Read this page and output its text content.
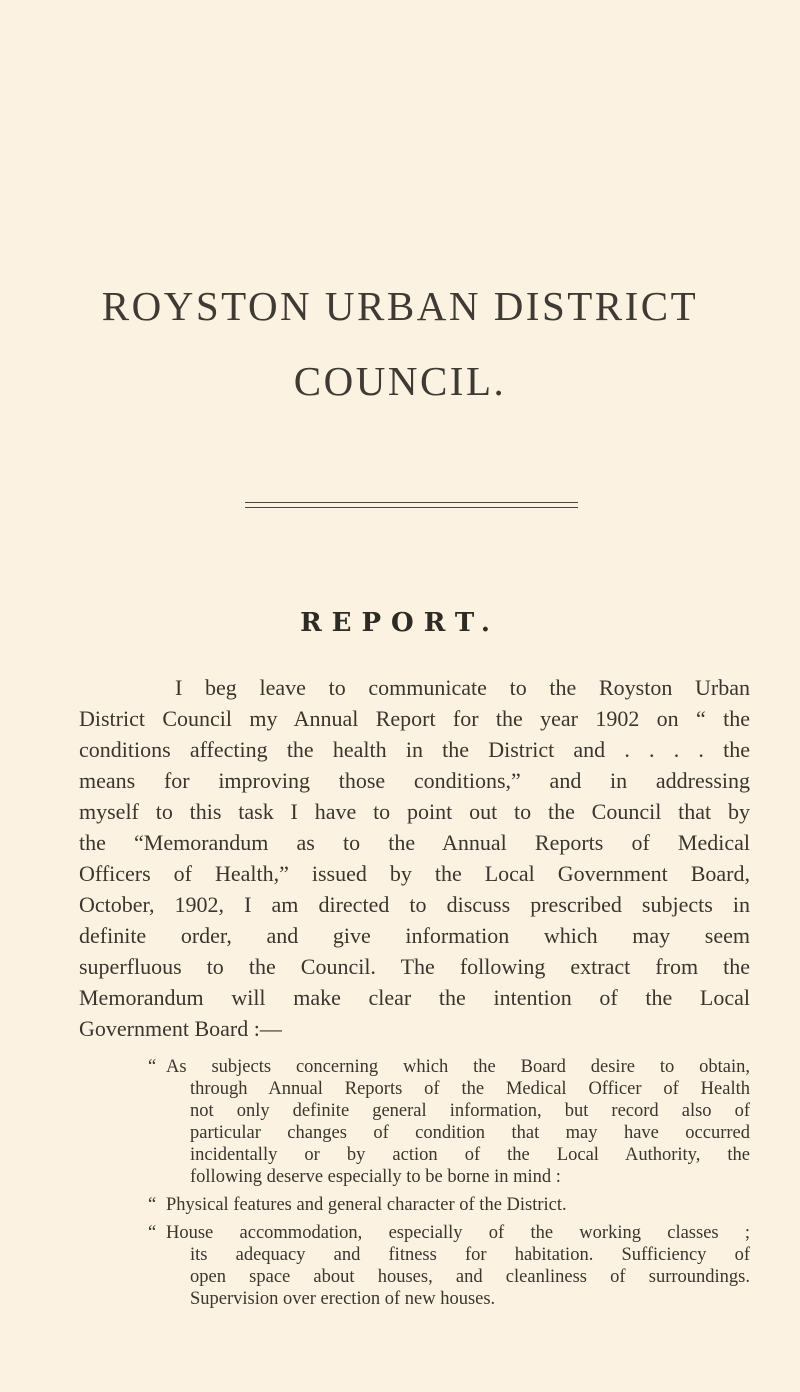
ROYSTON URBAN DISTRICT
COUNCIL.
REPORT.
I beg leave to communicate to the Royston Urban
District Council my Annual Report for the year 1902 on “ the
conditions affecting the health in the District and . . . . the
means for improving those conditions,” and in addressing
myself to this task I have to point out to the Council that by
the “Memorandum as to the Annual Reports of Medical
Officers of Health,” issued by the Local Government Board,
October, 1902, I am directed to discuss prescribed subjects in
definite order, and give information which may seem
superfluous to the Council. The following extract from the
Memorandum will make clear the intention of the Local
Government Board :—
“ As subjects concerning which the Board desire to obtain,
through Annual Reports of the Medical Officer of Health
not only definite general information, but record also of
particular changes of condition that may have occurred
incidentally or by action of the Local Authority, the
following deserve especially to be borne in mind :
“ Physical features and general character of the District.
“ House accommodation, especially of the working classes ;
its adequacy and fitness for habitation. Sufficiency of
open space about houses, and cleanliness of surroundings.
Supervision over erection of new houses.
